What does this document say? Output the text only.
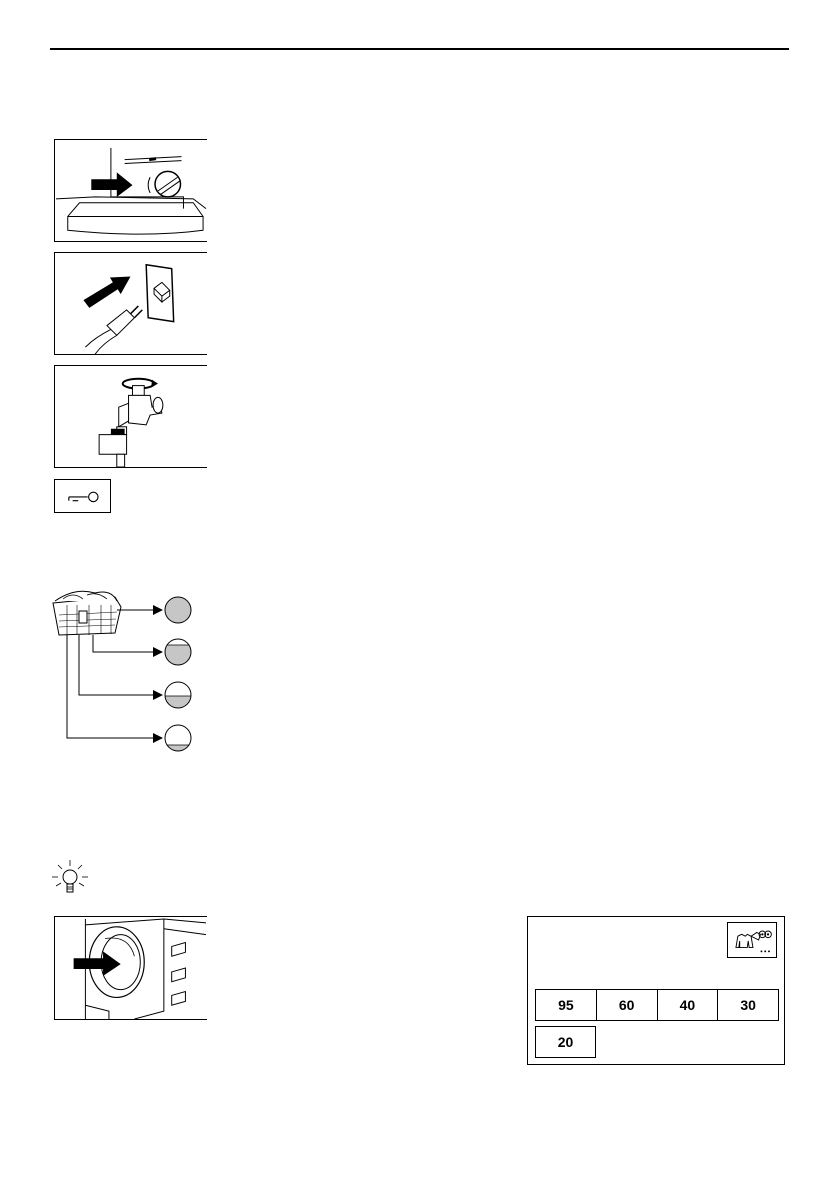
95	60	40	30
20
